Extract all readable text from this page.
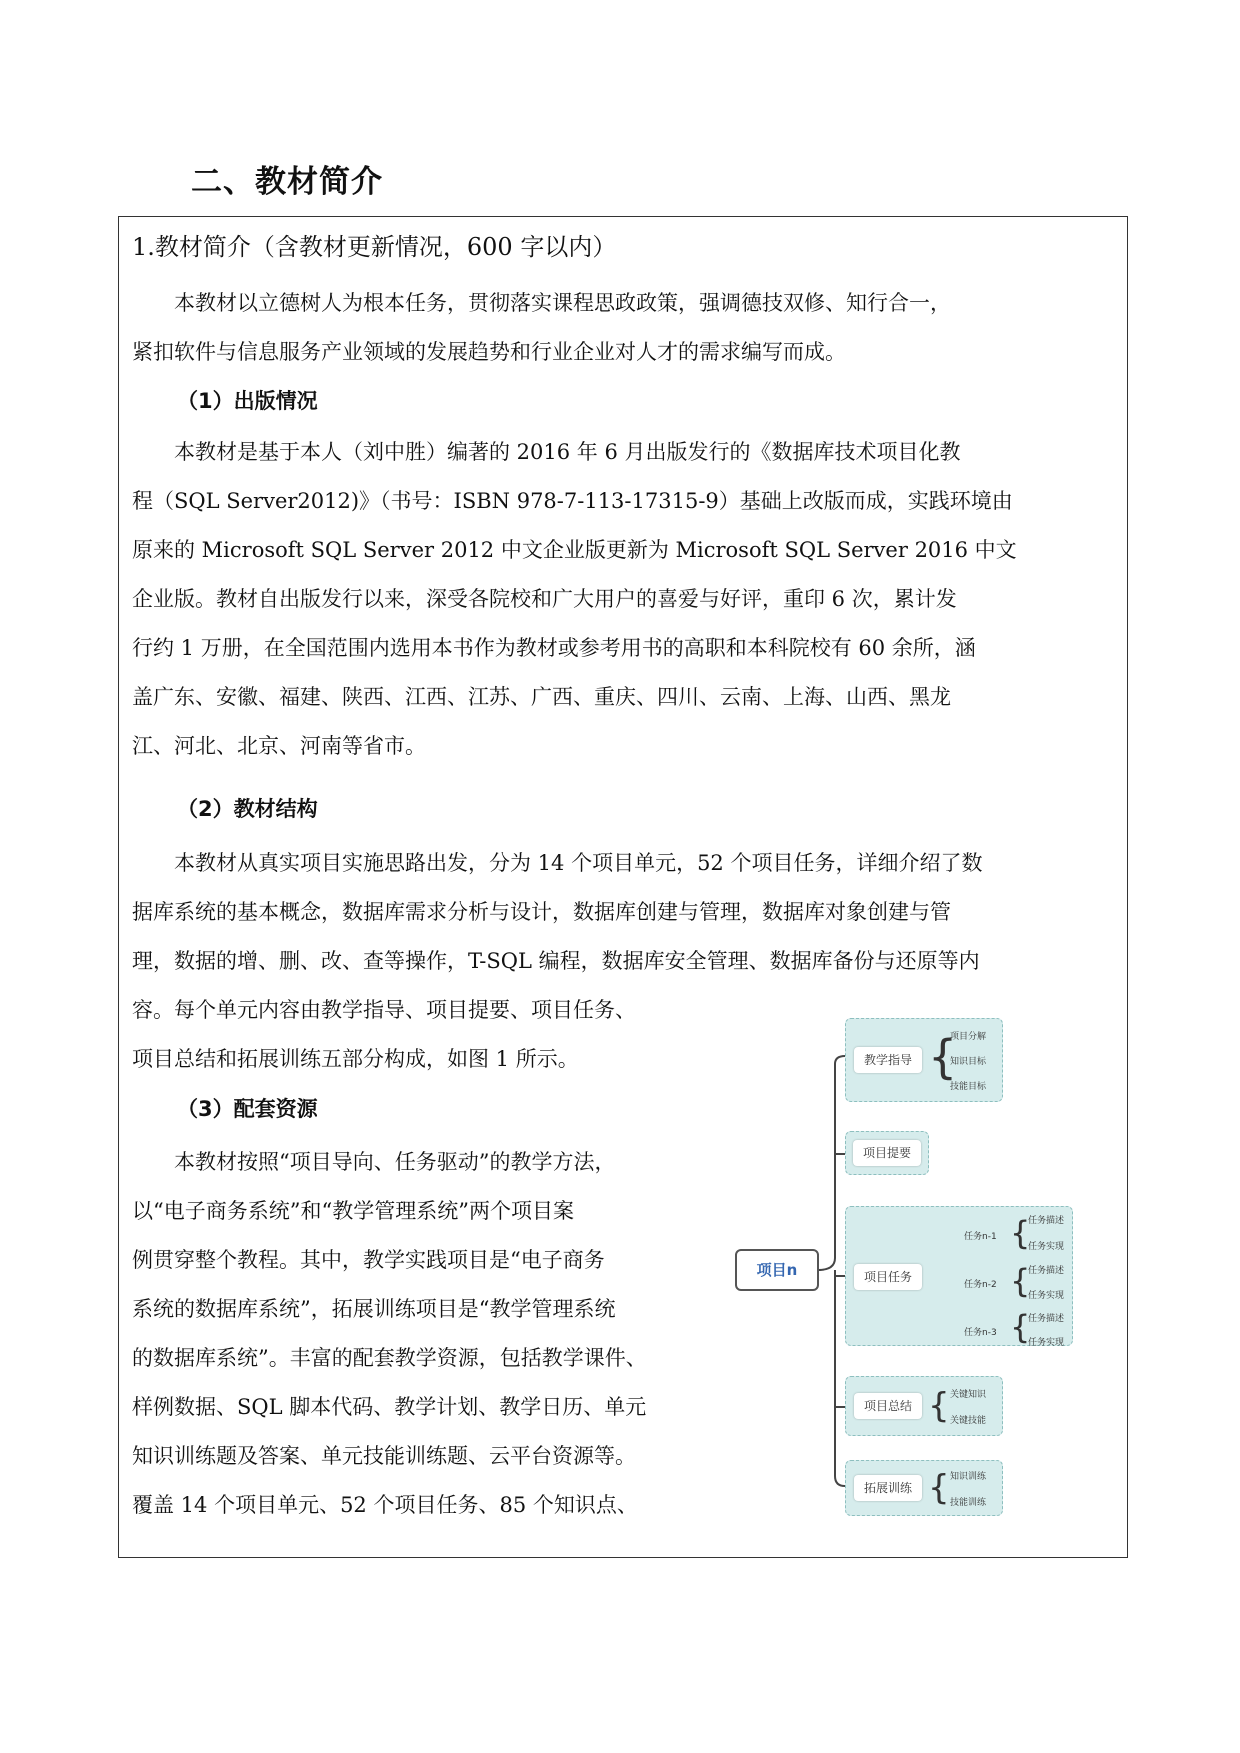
二、教材简介
1.教材简介（含教材更新情况，600 字以内）
　　本教材以立德树人为根本任务，贯彻落实课程思政政策，强调德技双修、知行合一，
紧扣软件与信息服务产业领域的发展趋势和行业企业对人才的需求编写而成。
（1）出版情况
　　本教材是基于本人（刘中胜）编著的 2016 年 6 月出版发行的《数据库技术项目化教
程（SQL Server2012)》（书号：ISBN 978-7-113-17315-9）基础上改版而成，实践环境由
原来的 Microsoft SQL Server 2012 中文企业版更新为 Microsoft SQL Server 2016 中文
企业版。教材自出版发行以来，深受各院校和广大用户的喜爱与好评，重印 6 次，累计发
行约 1 万册，在全国范围内选用本书作为教材或参考用书的高职和本科院校有 60 余所，涵
盖广东、安徽、福建、陕西、江西、江苏、广西、重庆、四川、云南、上海、山西、黑龙
江、河北、北京、河南等省市。
（2）教材结构
　　本教材从真实项目实施思路出发，分为 14 个项目单元，52 个项目任务，详细介绍了数
据库系统的基本概念，数据库需求分析与设计，数据库创建与管理，数据库对象创建与管
理，数据的增、删、改、查等操作，T-SQL 编程，数据库安全管理、数据库备份与还原等内
容。每个单元内容由教学指导、项目提要、项目任务、
项目总结和拓展训练五部分构成，如图 1 所示。
（3）配套资源
　　本教材按照“项目导向、任务驱动”的教学方法，
以“电子商务系统”和“教学管理系统”两个项目案
例贯穿整个教程。其中，教学实践项目是“电子商务
系统的数据库系统”，拓展训练项目是“教学管理系统
的数据库系统”。丰富的配套教学资源，包括教学课件、
样例数据、SQL 脚本代码、教学计划、教学日历、单元
知识训练题及答案、单元技能训练题、云平台资源等。
覆盖 14 个项目单元、52 个项目任务、85 个知识点、
项目n
教学指导 {
项目分解
知识目标
技能目标
项目提要
项目任务
任务n-1 {
任务描述
任务实现
任务n-2 {
任务描述
任务实现
任务n-3 {
任务描述
任务实现
项目总结 { 关键知识
关键技能
拓展训练 { 知识训练
技能训练
